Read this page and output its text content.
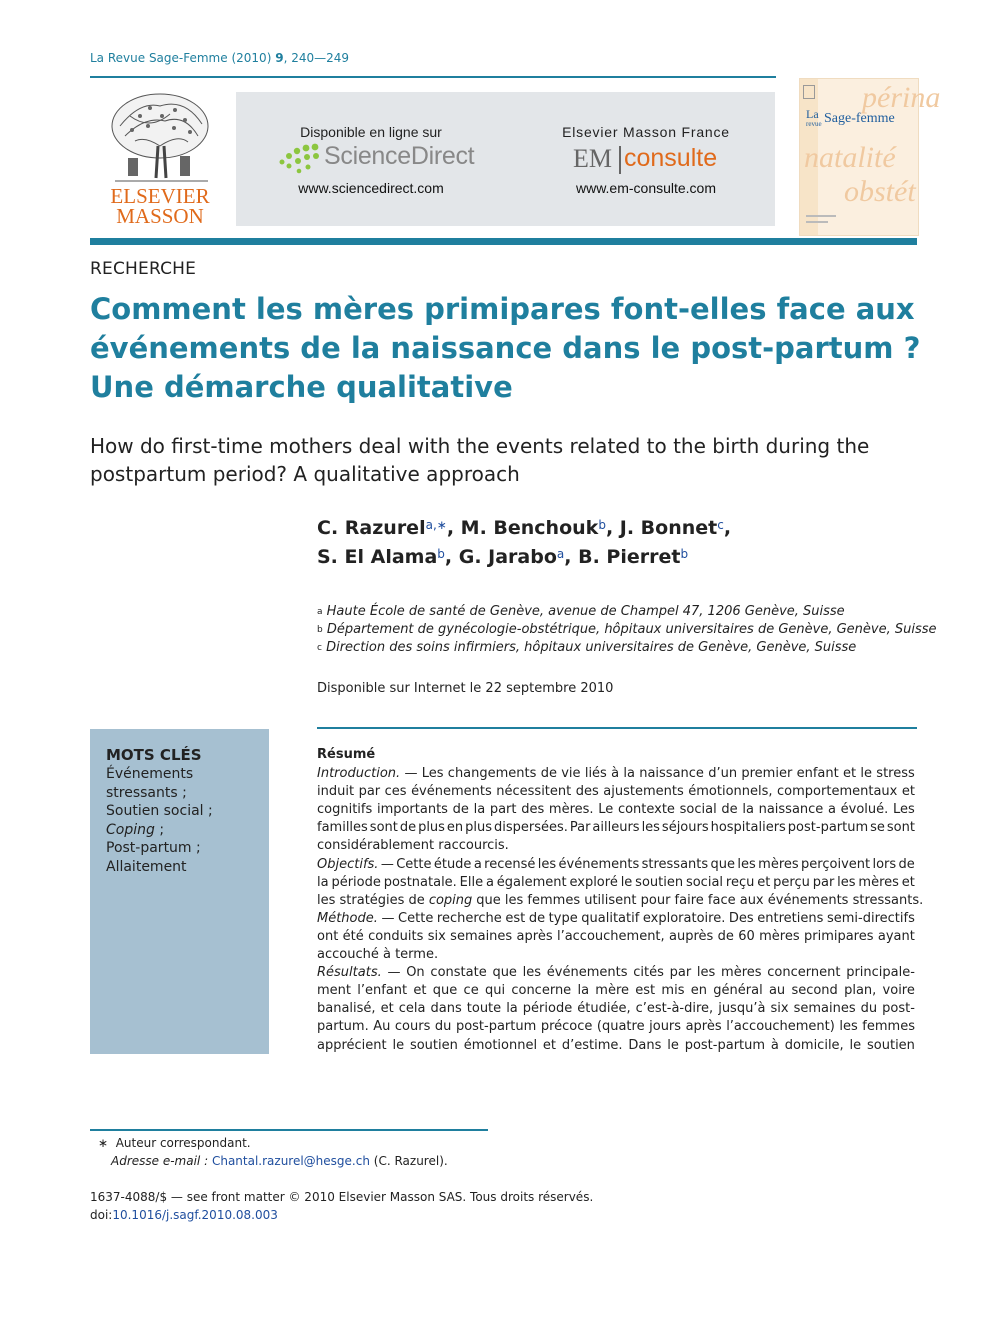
La Revue Sage-Femme (2010) 9, 240—249
ELSEVIER
MASSON
Disponible en ligne sur
ScienceDirect
www.sciencedirect.com
Elsevier Masson France
EM consulte
www.em-consulte.com
périna
natalité
obstét
La
revue Sage-femme
RECHERCHE
Comment les mères primipares font-elles face aux
événements de la naissance dans le post-partum ?
Une démarche qualitative
How do first-time mothers deal with the events related to the birth during the
postpartum period? A qualitative approach
C. Razurel$^{a,∗}$, M. Benchouk$^b$, J. Bonnet$^c$,
S. El Alama$^b$, G. Jarabo$^a$, B. Pierret$^b$
$^a$ Haute École de santé de Genève, avenue de Champel 47, 1206 Genève, Suisse
$^b$ Département de gynécologie-obstétrique, hôpitaux universitaires de Genève, Genève, Suisse
$^c$ Direction des soins infirmiers, hôpitaux universitaires de Genève, Genève, Suisse
Disponible sur Internet le 22 septembre 2010
MOTS CLÉS
Événements
stressants ;
Soutien social ;
Coping ;
Post-partum ;
Allaitement
Résumé
Introduction. — Les changements de vie liés à la naissance d’un premier enfant et le stress
induit par ces événements nécessitent des ajustements émotionnels, comportementaux et
cognitifs importants de la part des mères. Le contexte social de la naissance a évolué. Les
familles sont de plus en plus dispersées. Par ailleurs les séjours hospitaliers post-partum se sont
considérablement raccourcis.
Objectifs. — Cette étude a recensé les événements stressants que les mères perçoivent lors de
la période postnatale. Elle a également exploré le soutien social reçu et perçu par les mères et
les stratégies de coping que les femmes utilisent pour faire face aux événements stressants.
Méthode. — Cette recherche est de type qualitatif exploratoire. Des entretiens semi-directifs
ont été conduits six semaines après l’accouchement, auprès de 60 mères primipares ayant
accouché à terme.
Résultats. — On constate que les événements cités par les mères concernent principale-
ment l’enfant et que ce qui concerne la mère est mis en général au second plan, voire
banalisé, et cela dans toute la période étudiée, c’est-à-dire, jusqu’à six semaines du post-
partum. Au cours du post-partum précoce (quatre jours après l’accouchement) les femmes
apprécient le soutien émotionnel et d’estime. Dans le post-partum à domicile, le soutien
∗ Auteur correspondant.
Adresse e-mail : Chantal.razurel@hesge.ch (C. Razurel).
1637-4088/$ — see front matter © 2010 Elsevier Masson SAS. Tous droits réservés.
doi:10.1016/j.sagf.2010.08.003
